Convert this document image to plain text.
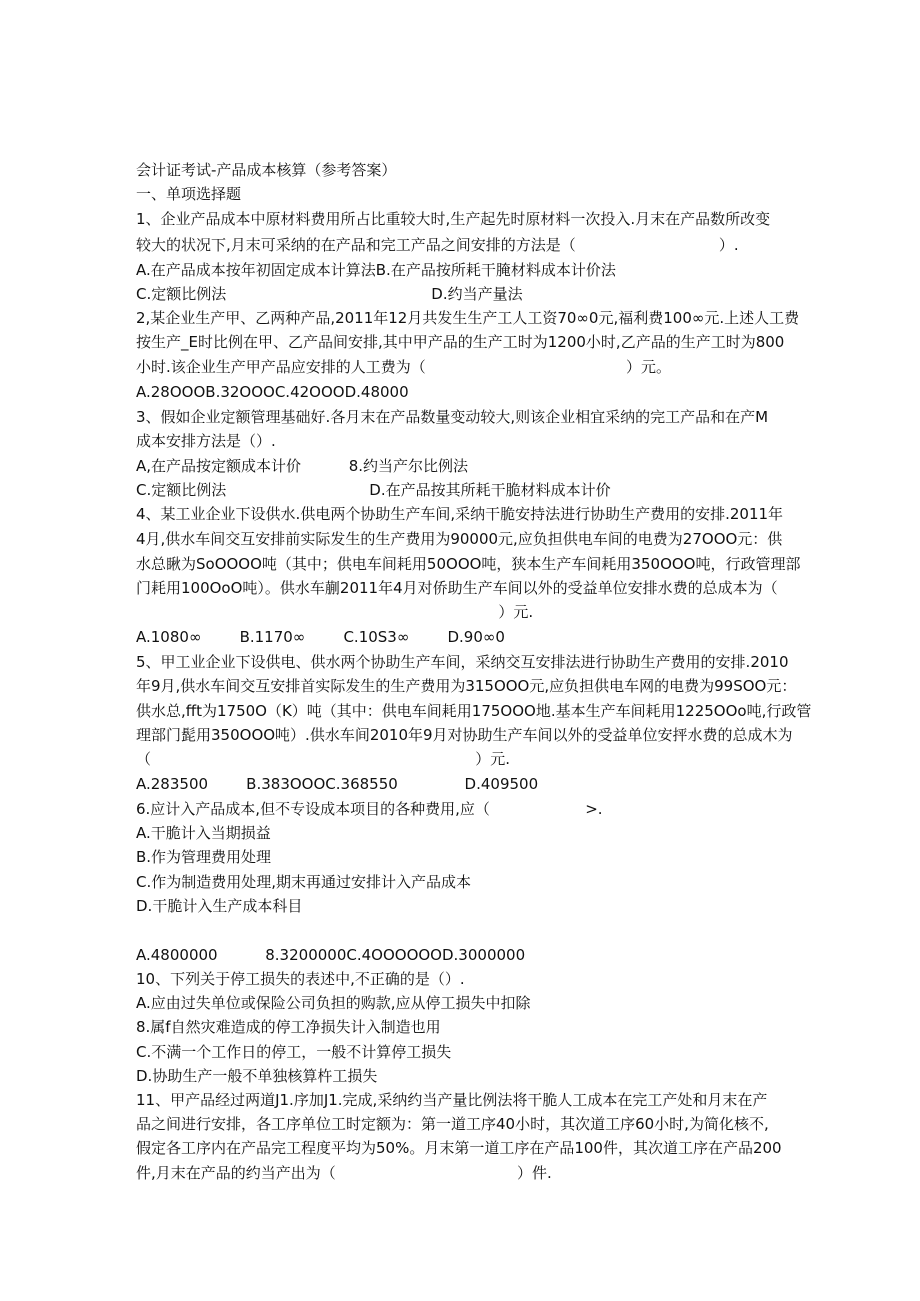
会计证考试-产品成本核算（参考答案）

一、单项选择题

1、企业产品成本中原材料费用所占比重较大时,生产起先时原材料一次投入.月末在产品数所改变

较大的状况下,月末可采纳的在产品和完工产品之间安排的方法是（                              ）.

A.在产品成本按年初固定成本计算法B.在产品按所耗干腌材料成本计价法

C.定额比例法                                           D.约当产量法

2,某企业生产甲、乙两种产品,2011年12月共发生生产工人工资70∞0元,福利费100∞元.上述人工费

按生产_E时比例在甲、乙产品间安排,其中甲产品的生产工时为1200小时,乙产品的生产工时为800

小时.该企业生产甲产品应安排的人工费为（                                          ）元。

A.28OOOB.32OOOC.42OOOD.48000

3、假如企业定额管理基础好.各月末在产品数量变动较大,则该企业相宜采纳的完工产品和在产M

成本安排方法是（）.

A,在产品按定额成本计价          8.约当产尔比例法

C.定额比例法                              D.在产品按其所耗干脆材料成本计价

4、某工业企业下设供水.供电两个协助生产车间,采纳干脆安持法进行协助生产费用的安排.2011年

4月,供水车间交互安排前实际发生的生产费用为90000元,应负担供电车间的电费为27OOO元：供

水总瞅为SoOOOO吨（其中；供电车间耗用50OOO吨，狭本生产车间耗用350OOO吨，行政管理部

门耗用100OoO吨）。供水车蒯2011年4月对侨助生产车间以外的受益单位安排水费的总成本为（

）元.

A.1080∞        B.1170∞        C.10S3∞        D.90∞0

5、甲工业企业下设供电、供水两个协助生产车间，采纳交互安排法进行协助生产费用的安排.2010

年9月,供水车间交互安排首实际发生的生产费用为315OOO元,应负担供电车网的电费为99SOO元：

供水总,fft为1750O（K）吨（其中：供电车间耗用175OOO地.基本生产车间耗用1225OOo吨,行政管

理部门髭用350OOO吨）.供水车间2010年9月对协助生产车间以外的受益单位安抨水费的总成木为

（                                                                    ）元.

A.283500        B.383OOOC.368550              D.409500

6.应计入产品成本,但不专设成本项目的各种费用,应（                    >.

A.干脆计入当期损益

B.作为管理费用处理

C.作为制造费用处理,期末再通过安排计入产品成本

D.干脆计入生产成本科目

A.4800000          8.3200000C.4OOOOOOD.3000000

10、下列关于停工损失的表述中,不正确的是（）.

A.应由过失单位或保险公司负担的购款,应从停工损失中扣除

8.属f自然灾难造成的停工净损失计入制造也用

C.不满一个工作日的停工，一般不计算停工损失

D.协助生产一般不单独核算杵工损失

11、甲产品经过两道J1.序加J1.完成,采纳约当产量比例法将干脆人工成本在完工产处和月末在产

品之间进行安排，各工序单位工时定额为：第一道工序40小时，其次道工序60小时,为简化核不,

假定各工序内在产品完工程度平均为50%。月末第一道工序在产品100件，其次道工序在产品200

件,月末在产品的约当产出为（                                      ）件.
